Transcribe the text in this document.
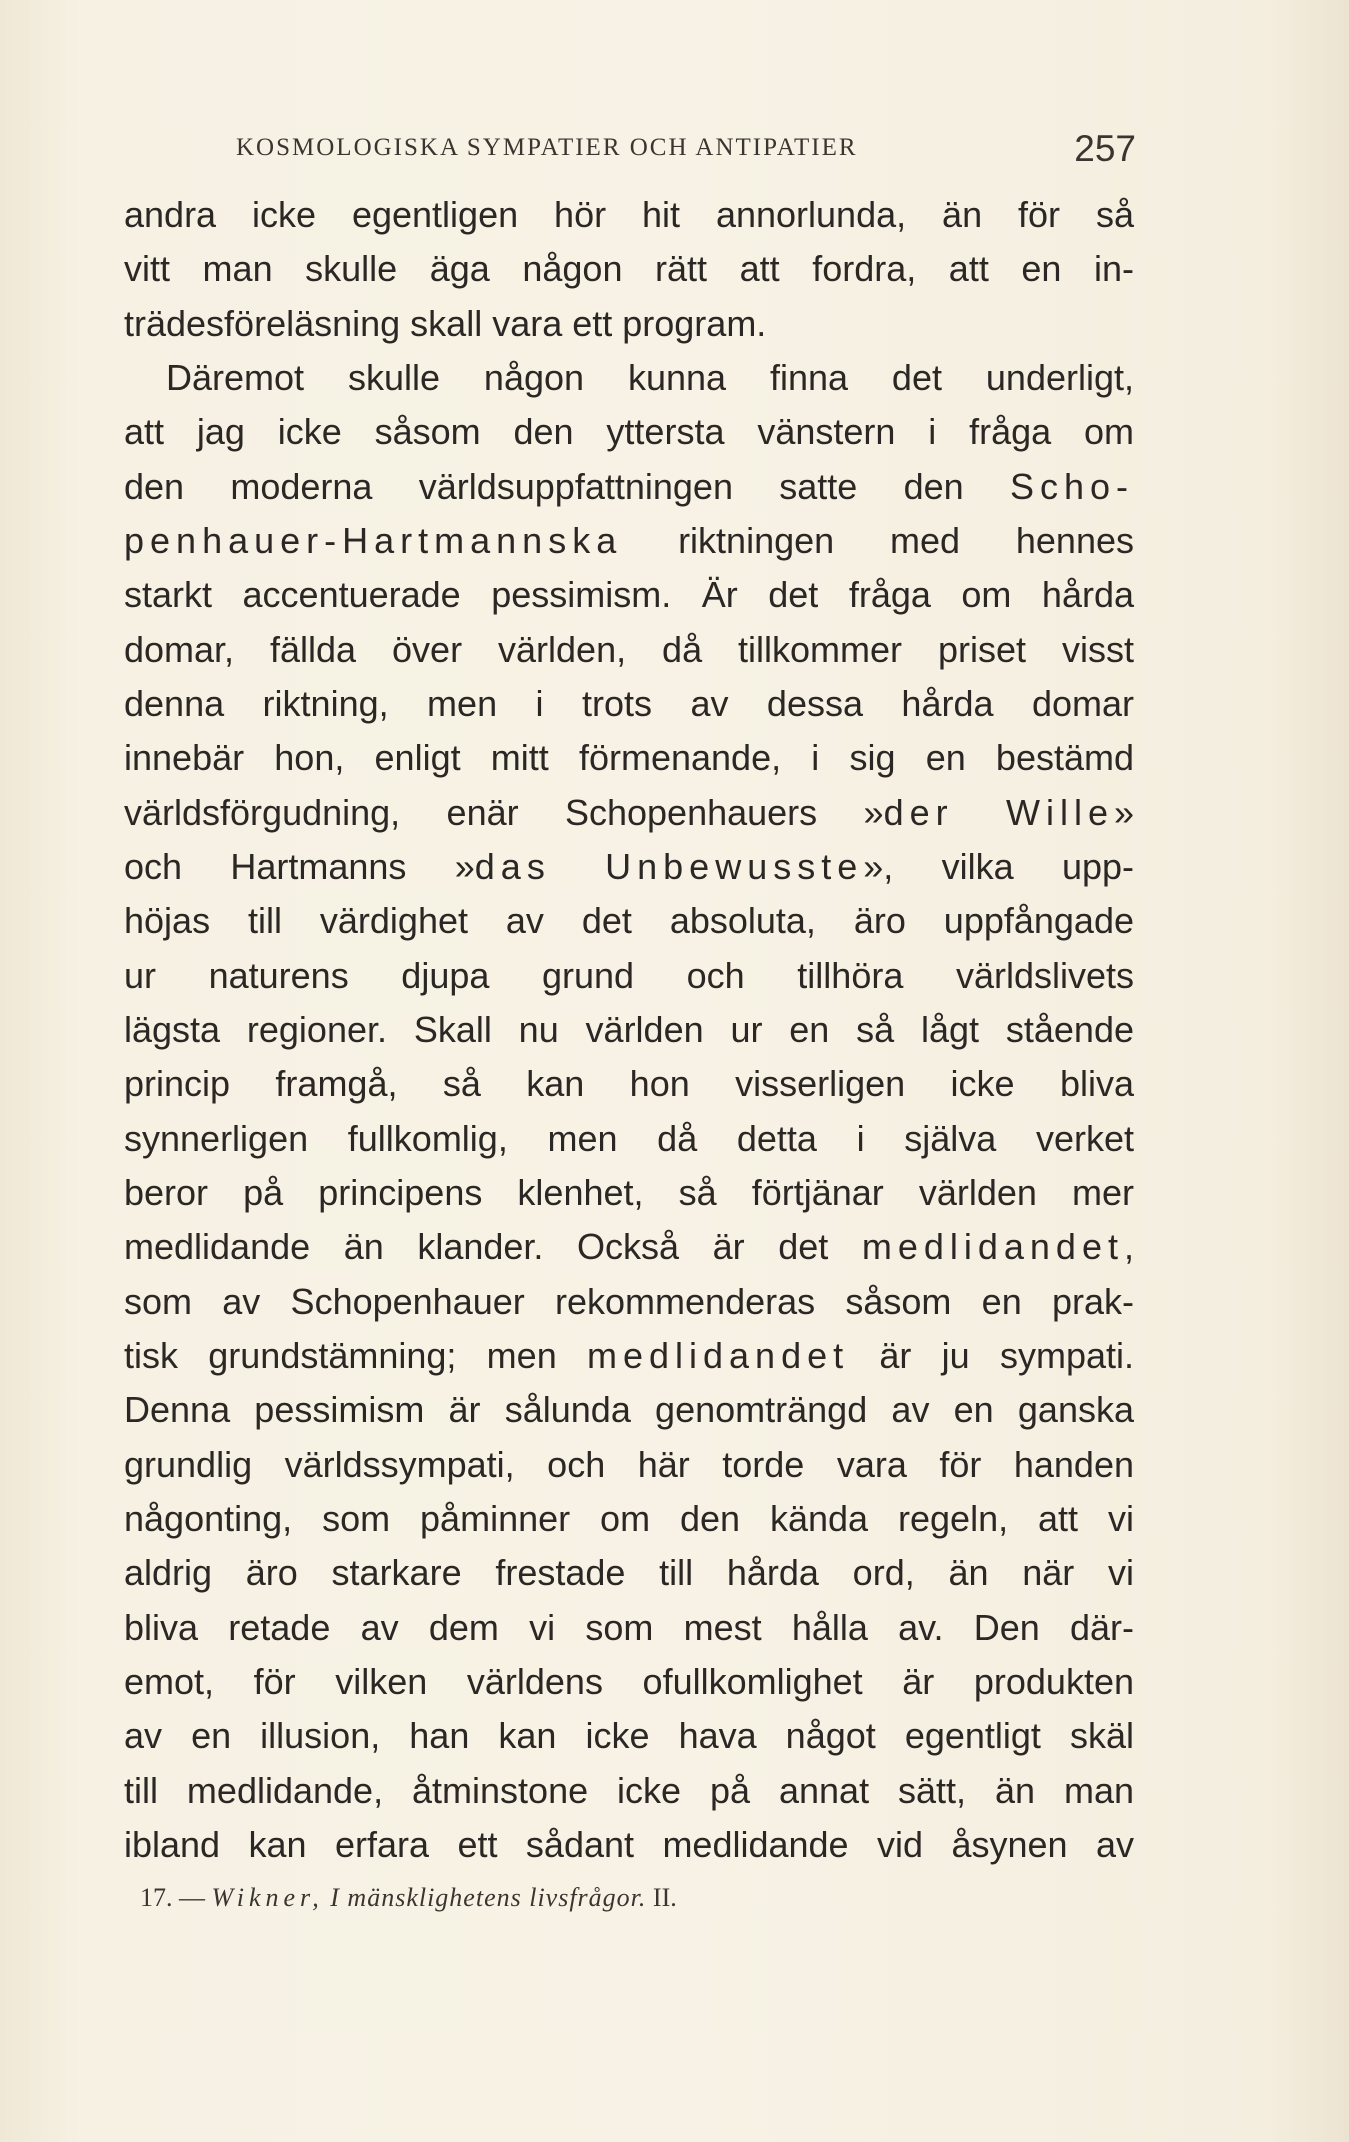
KOSMOLOGISKA SYMPATIER OCH ANTIPATIER	257
andra icke egentligen hör hit annorlunda, än för så
vitt man skulle äga någon rätt att fordra, att en in-
trädesföreläsning skall vara ett program.
Däremot skulle någon kunna finna det underligt,
att jag icke såsom den yttersta vänstern i fråga om
den moderna världsuppfattningen satte den Scho-
penhauer-Hartmannska riktningen med hennes
starkt accentuerade pessimism. Är det fråga om hårda
domar, fällda över världen, då tillkommer priset visst
denna riktning, men i trots av dessa hårda domar
innebär hon, enligt mitt förmenande, i sig en bestämd
världsförgudning, enär Schopenhauers »der Wille»
och Hartmanns »das Unbewusste», vilka upp-
höjas till värdighet av det absoluta, äro uppfångade
ur naturens djupa grund och tillhöra världslivets
lägsta regioner. Skall nu världen ur en så lågt stående
princip framgå, så kan hon visserligen icke bliva
synnerligen fullkomlig, men då detta i själva verket
beror på principens klenhet, så förtjänar världen mer
medlidande än klander. Också är det medlidandet,
som av Schopenhauer rekommenderas såsom en prak-
tisk grundstämning; men medlidandet är ju sympati.
Denna pessimism är sålunda genomträngd av en ganska
grundlig världssympati, och här torde vara för handen
någonting, som påminner om den kända regeln, att vi
aldrig äro starkare frestade till hårda ord, än när vi
bliva retade av dem vi som mest hålla av. Den där-
emot, för vilken världens ofullkomlighet är produkten
av en illusion, han kan icke hava något egentligt skäl
till medlidande, åtminstone icke på annat sätt, än man
ibland kan erfara ett sådant medlidande vid åsynen av
17. — Wikner, I mänsklighetens livsfrågor. II.
